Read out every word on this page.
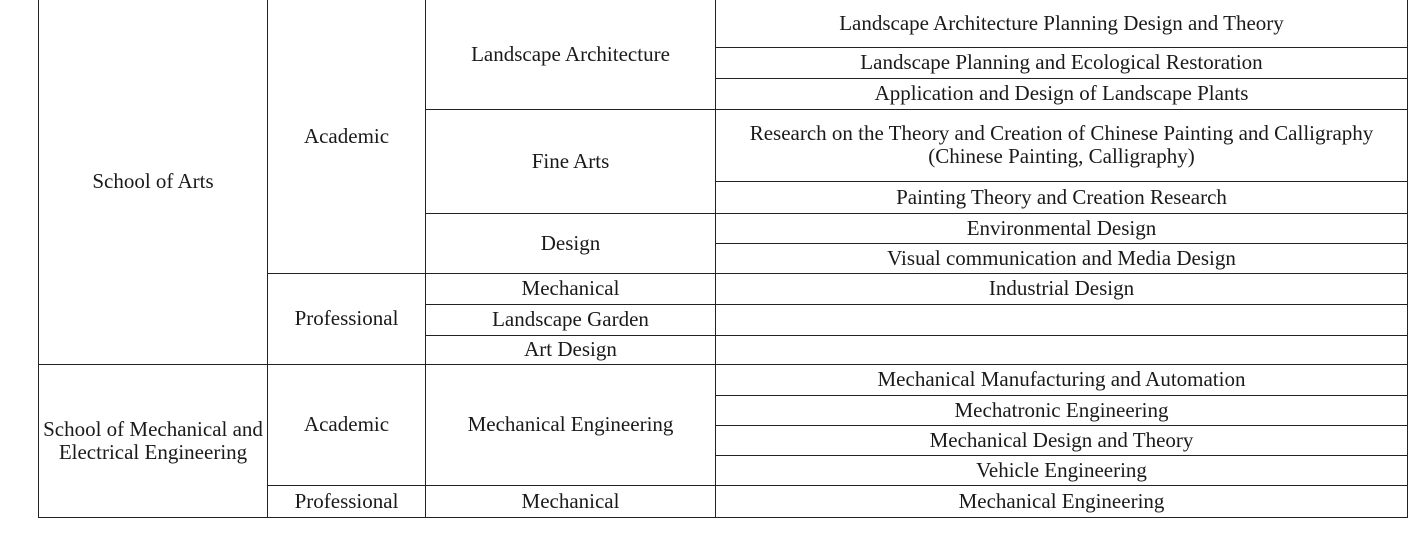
School of Arts	Academic	Landscape Architecture	Landscape Architecture Planning Design and Theory
			Landscape Planning and Ecological Restoration
			Application and Design of Landscape Plants
		Fine Arts	Research on the Theory and Creation of Chinese Painting and Calligraphy (Chinese Painting, Calligraphy)
			Painting Theory and Creation Research
		Design	Environmental Design
			Visual communication and Media Design
	Professional	Mechanical	Industrial Design
		Landscape Garden	
		Art Design	
School of Mechanical and Electrical Engineering	Academic	Mechanical Engineering	Mechanical Manufacturing and Automation
			Mechatronic Engineering
			Mechanical Design and Theory
			Vehicle Engineering
	Professional	Mechanical	Mechanical Engineering
